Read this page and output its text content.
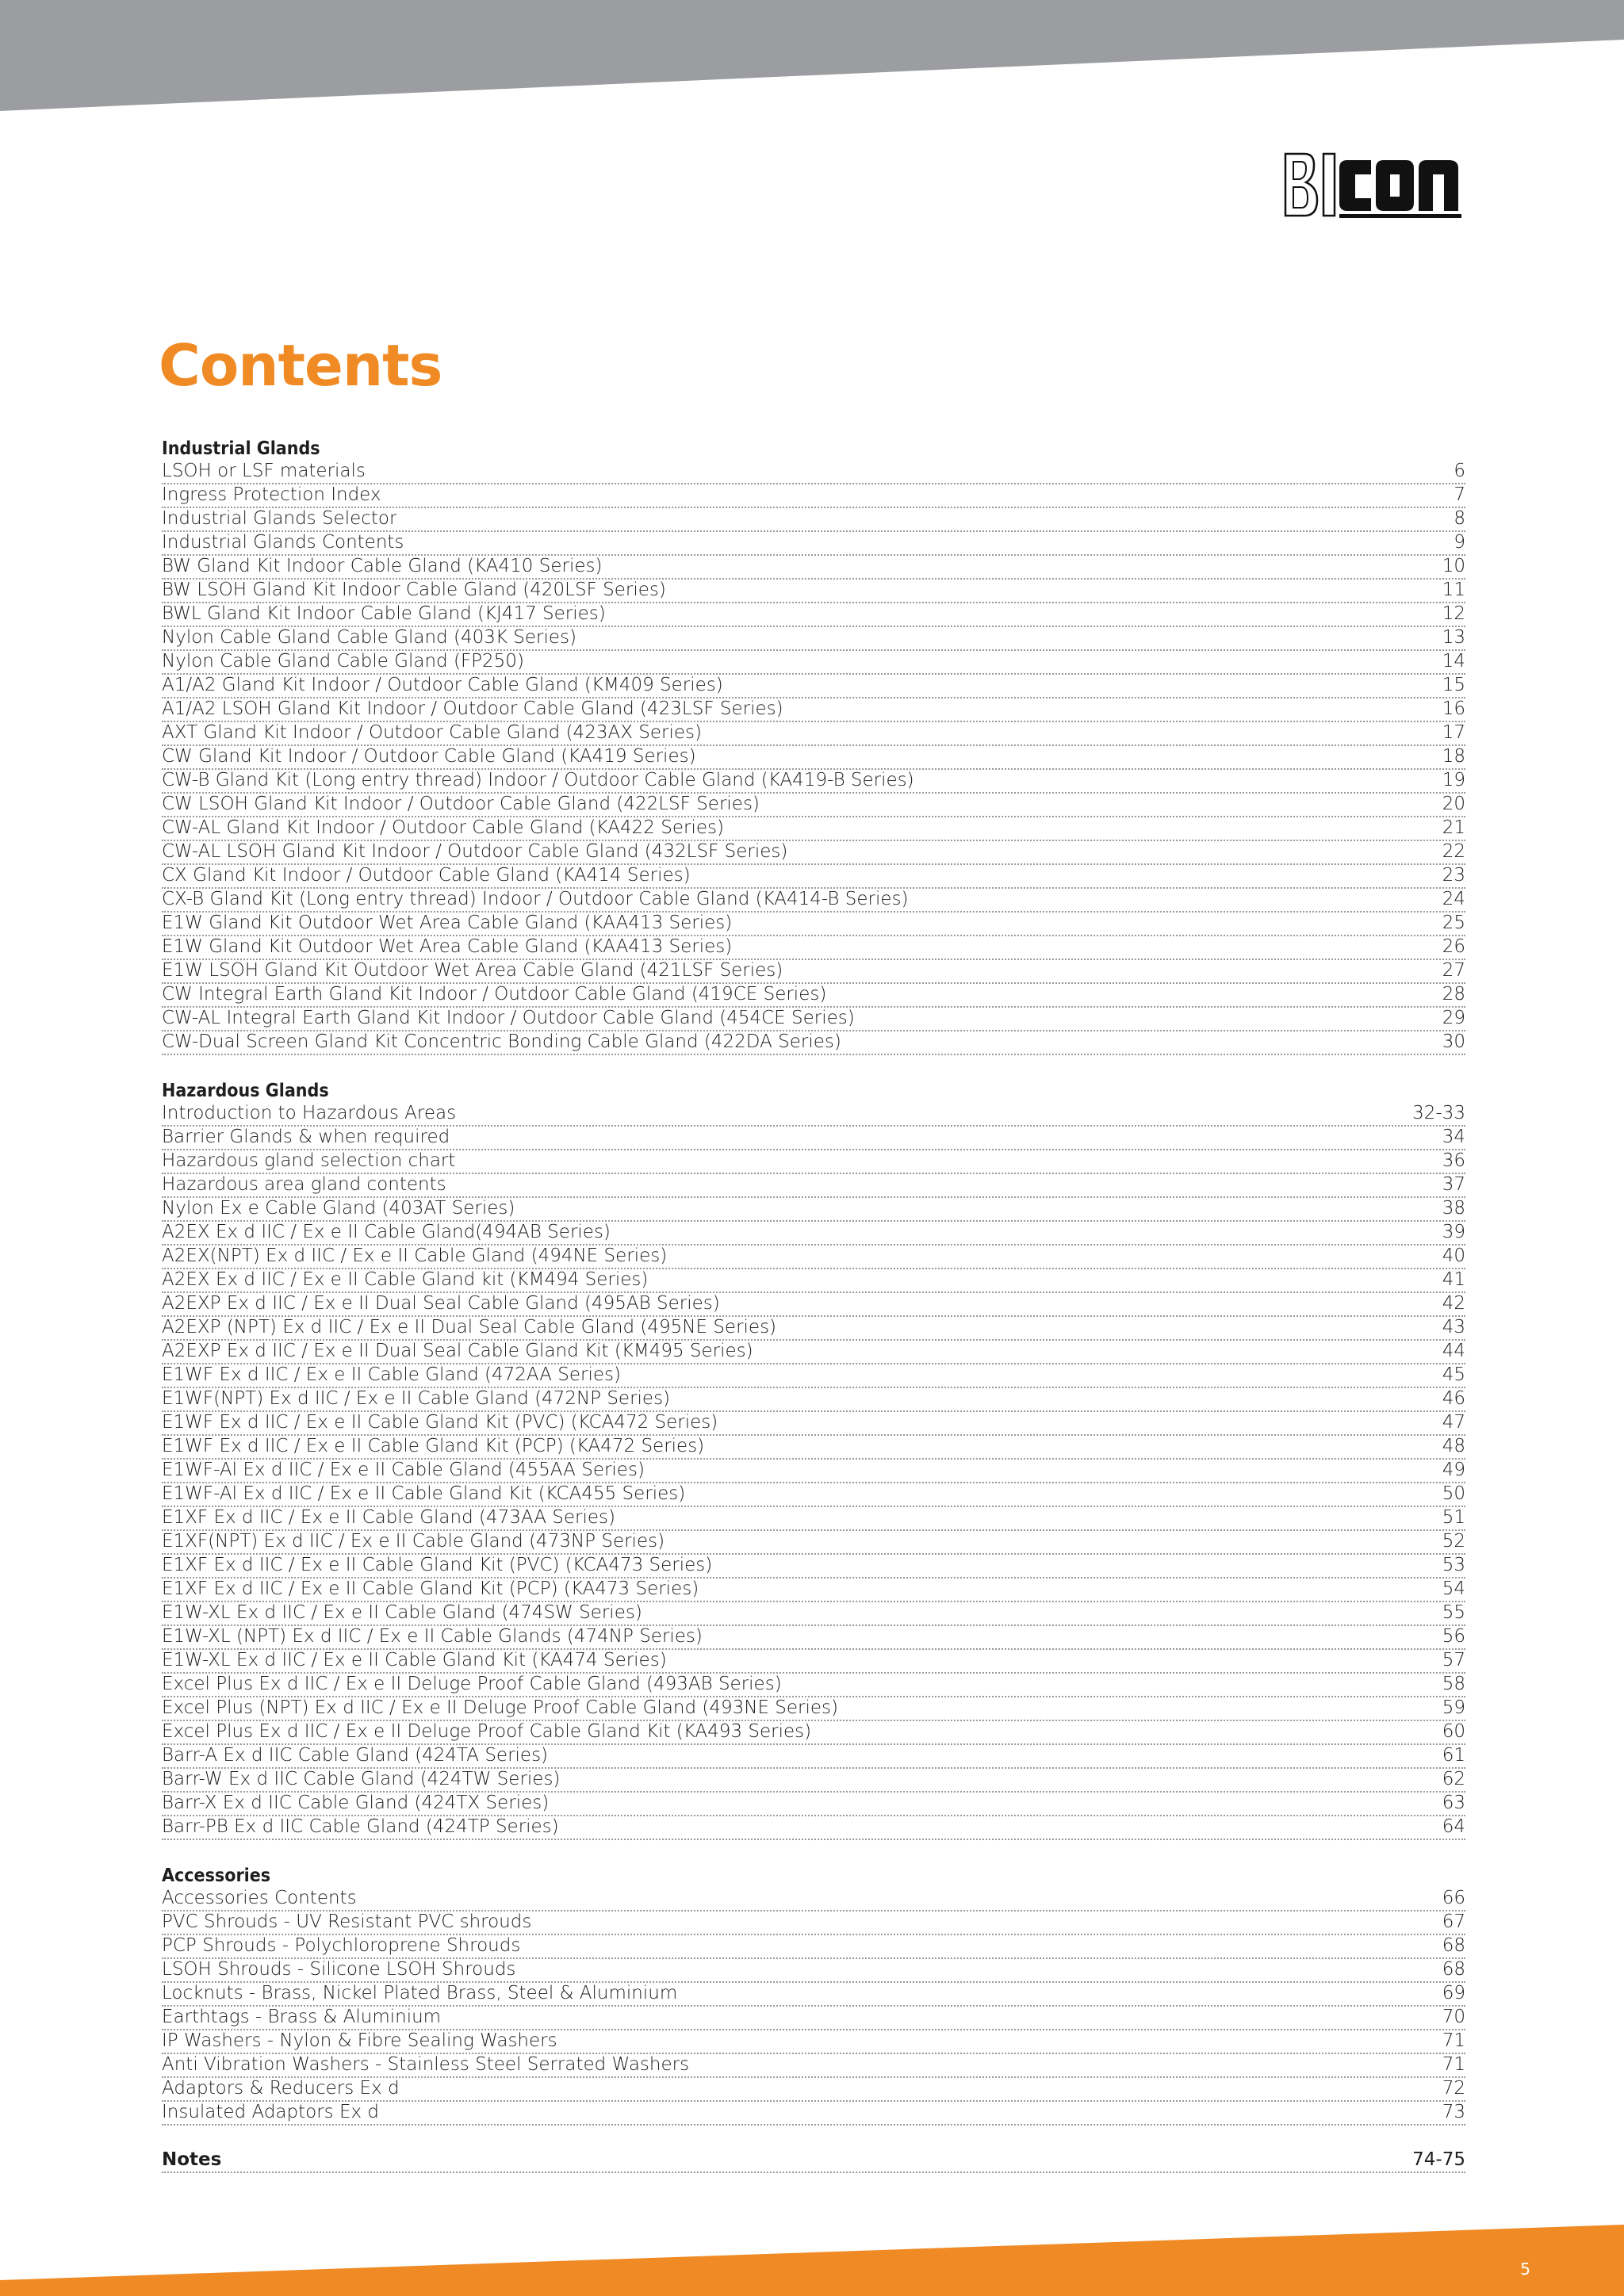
Contents
Industrial Glands
LSOH or LSF materials	6
Ingress Protection Index	7
Industrial Glands Selector	8
Industrial Glands Contents	9
BW Gland Kit Indoor Cable Gland (KA410 Series)	10
BW LSOH Gland Kit Indoor Cable Gland (420LSF Series)	11
BWL Gland Kit Indoor Cable Gland (KJ417 Series)	12
Nylon Cable Gland Cable Gland (403K Series)	13
Nylon Cable Gland Cable Gland (FP250)	14
A1/A2 Gland Kit Indoor / Outdoor Cable Gland (KM409 Series)	15
A1/A2 LSOH Gland Kit Indoor / Outdoor Cable Gland (423LSF Series)	16
AXT Gland Kit Indoor / Outdoor Cable Gland (423AX Series)	17
CW Gland Kit Indoor / Outdoor Cable Gland (KA419 Series)	18
CW-B Gland Kit (Long entry thread) Indoor / Outdoor Cable Gland (KA419-B Series)	19
CW LSOH Gland Kit Indoor / Outdoor Cable Gland (422LSF Series)	20
CW-AL Gland Kit Indoor / Outdoor Cable Gland (KA422 Series)	21
CW-AL LSOH Gland Kit Indoor / Outdoor Cable Gland (432LSF Series)	22
CX Gland Kit Indoor / Outdoor Cable Gland (KA414 Series)	23
CX-B Gland Kit (Long entry thread) Indoor / Outdoor Cable Gland (KA414-B Series)	24
E1W Gland Kit Outdoor Wet Area Cable Gland (KAA413 Series)	25
E1W Gland Kit Outdoor Wet Area Cable Gland (KAA413 Series)	26
E1W LSOH Gland Kit Outdoor Wet Area Cable Gland (421LSF Series)	27
CW Integral Earth Gland Kit Indoor / Outdoor Cable Gland (419CE Series)	28
CW-AL Integral Earth Gland Kit Indoor / Outdoor Cable Gland (454CE Series)	29
CW-Dual Screen Gland Kit Concentric Bonding Cable Gland (422DA Series)	30
Hazardous Glands
Introduction to Hazardous Areas	32-33
Barrier Glands & when required	34
Hazardous gland selection chart	36
Hazardous area gland contents	37
Nylon Ex e Cable Gland (403AT Series)	38
A2EX Ex d IIC / Ex e II Cable Gland(494AB Series)	39
A2EX(NPT) Ex d IIC / Ex e II Cable Gland (494NE Series)	40
A2EX Ex d IIC / Ex e II Cable Gland kit (KM494 Series)	41
A2EXP Ex d IIC / Ex e II Dual Seal Cable Gland (495AB Series)	42
A2EXP (NPT) Ex d IIC / Ex e II Dual Seal Cable Gland (495NE Series)	43
A2EXP Ex d IIC / Ex e II Dual Seal Cable Gland Kit (KM495 Series)	44
E1WF Ex d IIC / Ex e II Cable Gland (472AA Series)	45
E1WF(NPT) Ex d IIC / Ex e II Cable Gland (472NP Series)	46
E1WF Ex d IIC / Ex e II Cable Gland Kit (PVC) (KCA472 Series)	47
E1WF Ex d IIC / Ex e II Cable Gland Kit (PCP) (KA472 Series)	48
E1WF-Al Ex d IIC / Ex e II Cable Gland (455AA Series)	49
E1WF-Al Ex d IIC / Ex e II Cable Gland Kit (KCA455 Series)	50
E1XF Ex d IIC / Ex e II Cable Gland (473AA Series)	51
E1XF(NPT) Ex d IIC / Ex e II Cable Gland (473NP Series)	52
E1XF Ex d IIC / Ex e II Cable Gland Kit (PVC) (KCA473 Series)	53
E1XF Ex d IIC / Ex e II Cable Gland Kit (PCP) (KA473 Series)	54
E1W-XL Ex d IIC / Ex e II Cable Gland (474SW Series)	55
E1W-XL (NPT) Ex d IIC / Ex e II Cable Glands (474NP Series)	56
E1W-XL Ex d IIC / Ex e II Cable Gland Kit (KA474 Series)	57
Excel Plus Ex d IIC / Ex e II Deluge Proof Cable Gland (493AB Series)	58
Excel Plus (NPT) Ex d IIC / Ex e II Deluge Proof Cable Gland (493NE Series)	59
Excel Plus Ex d IIC / Ex e II Deluge Proof Cable Gland Kit (KA493 Series)	60
Barr-A Ex d IIC Cable Gland (424TA Series)	61
Barr-W Ex d IIC Cable Gland (424TW Series)	62
Barr-X Ex d IIC Cable Gland (424TX Series)	63
Barr-PB Ex d IIC Cable Gland (424TP Series)	64
Accessories
Accessories Contents	66
PVC Shrouds - UV Resistant PVC shrouds	67
PCP Shrouds - Polychloroprene Shrouds	68
LSOH Shrouds - Silicone LSOH Shrouds	68
Locknuts - Brass, Nickel Plated Brass, Steel & Aluminium	69
Earthtags - Brass & Aluminium	70
IP Washers - Nylon & Fibre Sealing Washers	71
Anti Vibration Washers - Stainless Steel Serrated Washers	71
Adaptors & Reducers Ex d	72
Insulated Adaptors Ex d	73
Notes	74-75
5
